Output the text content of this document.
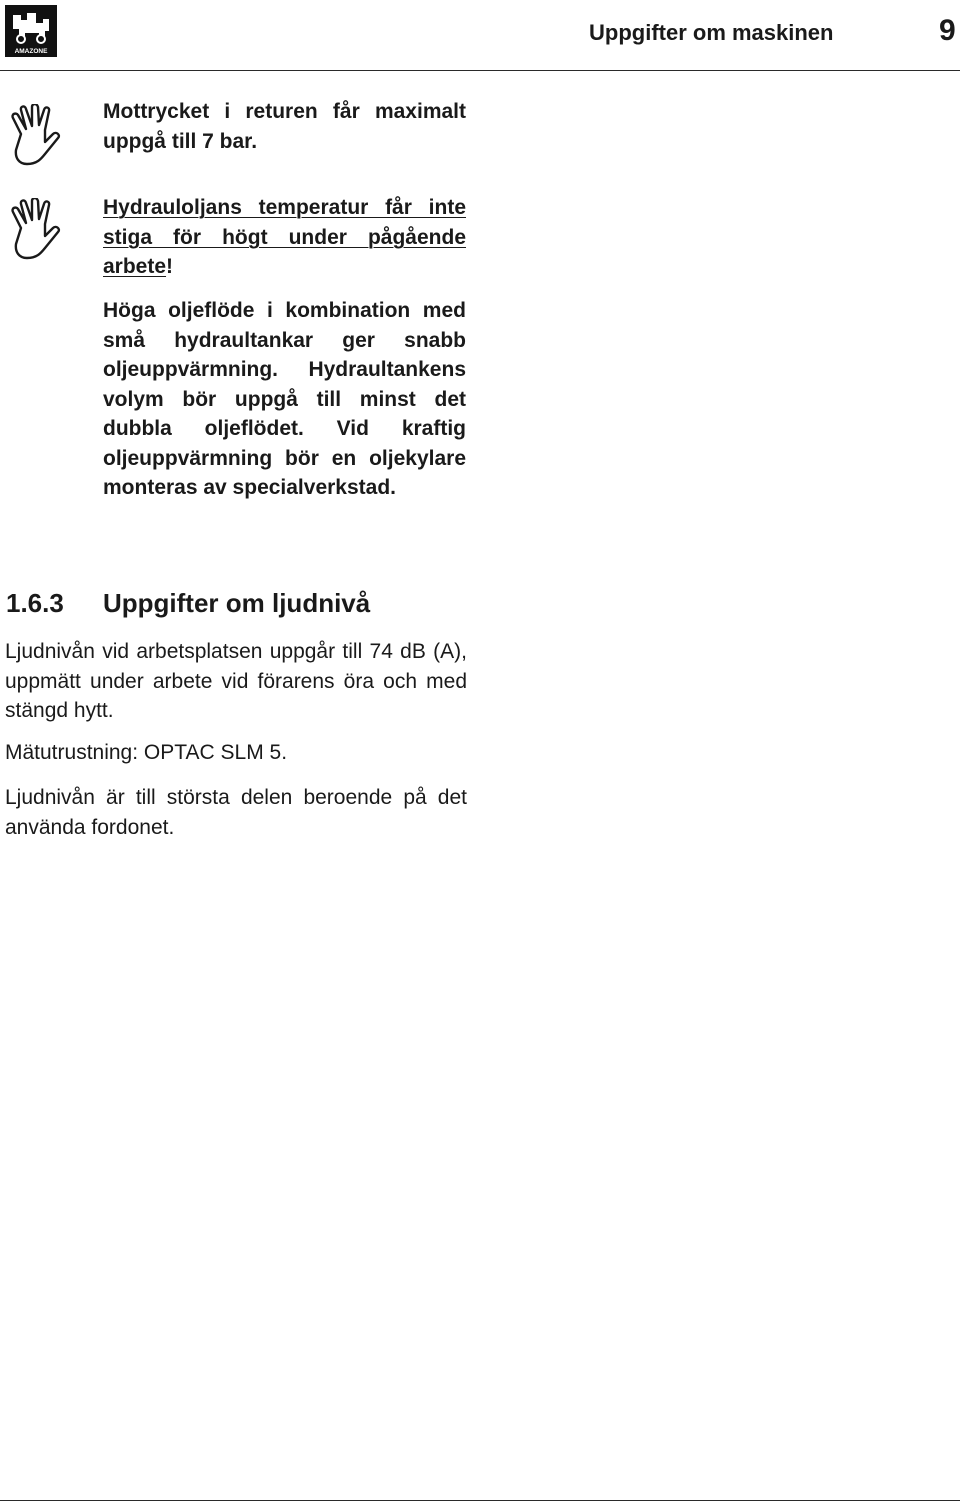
AMAZONE
Uppgifter om maskinen	9

Mottrycket i returen får maximalt uppgå till 7 bar.

Hydrauloljans temperatur får inte stiga för högt under pågående arbete!

Höga oljeflöde i kombination med små hydraultankar ger snabb oljeuppvärmning. Hydraultankens volym bör uppgå till minst det dubbla oljeflödet. Vid kraftig oljeuppvärmning bör en oljekylare monteras av specialverkstad.

1.6.3 Uppgifter om ljudnivå

Ljudnivån vid arbetsplatsen uppgår till 74 dB (A), uppmätt under arbete vid förarens öra och med stängd hytt.

Mätutrustning: OPTAC SLM 5.

Ljudnivån är till största delen beroende på det använda fordonet.
